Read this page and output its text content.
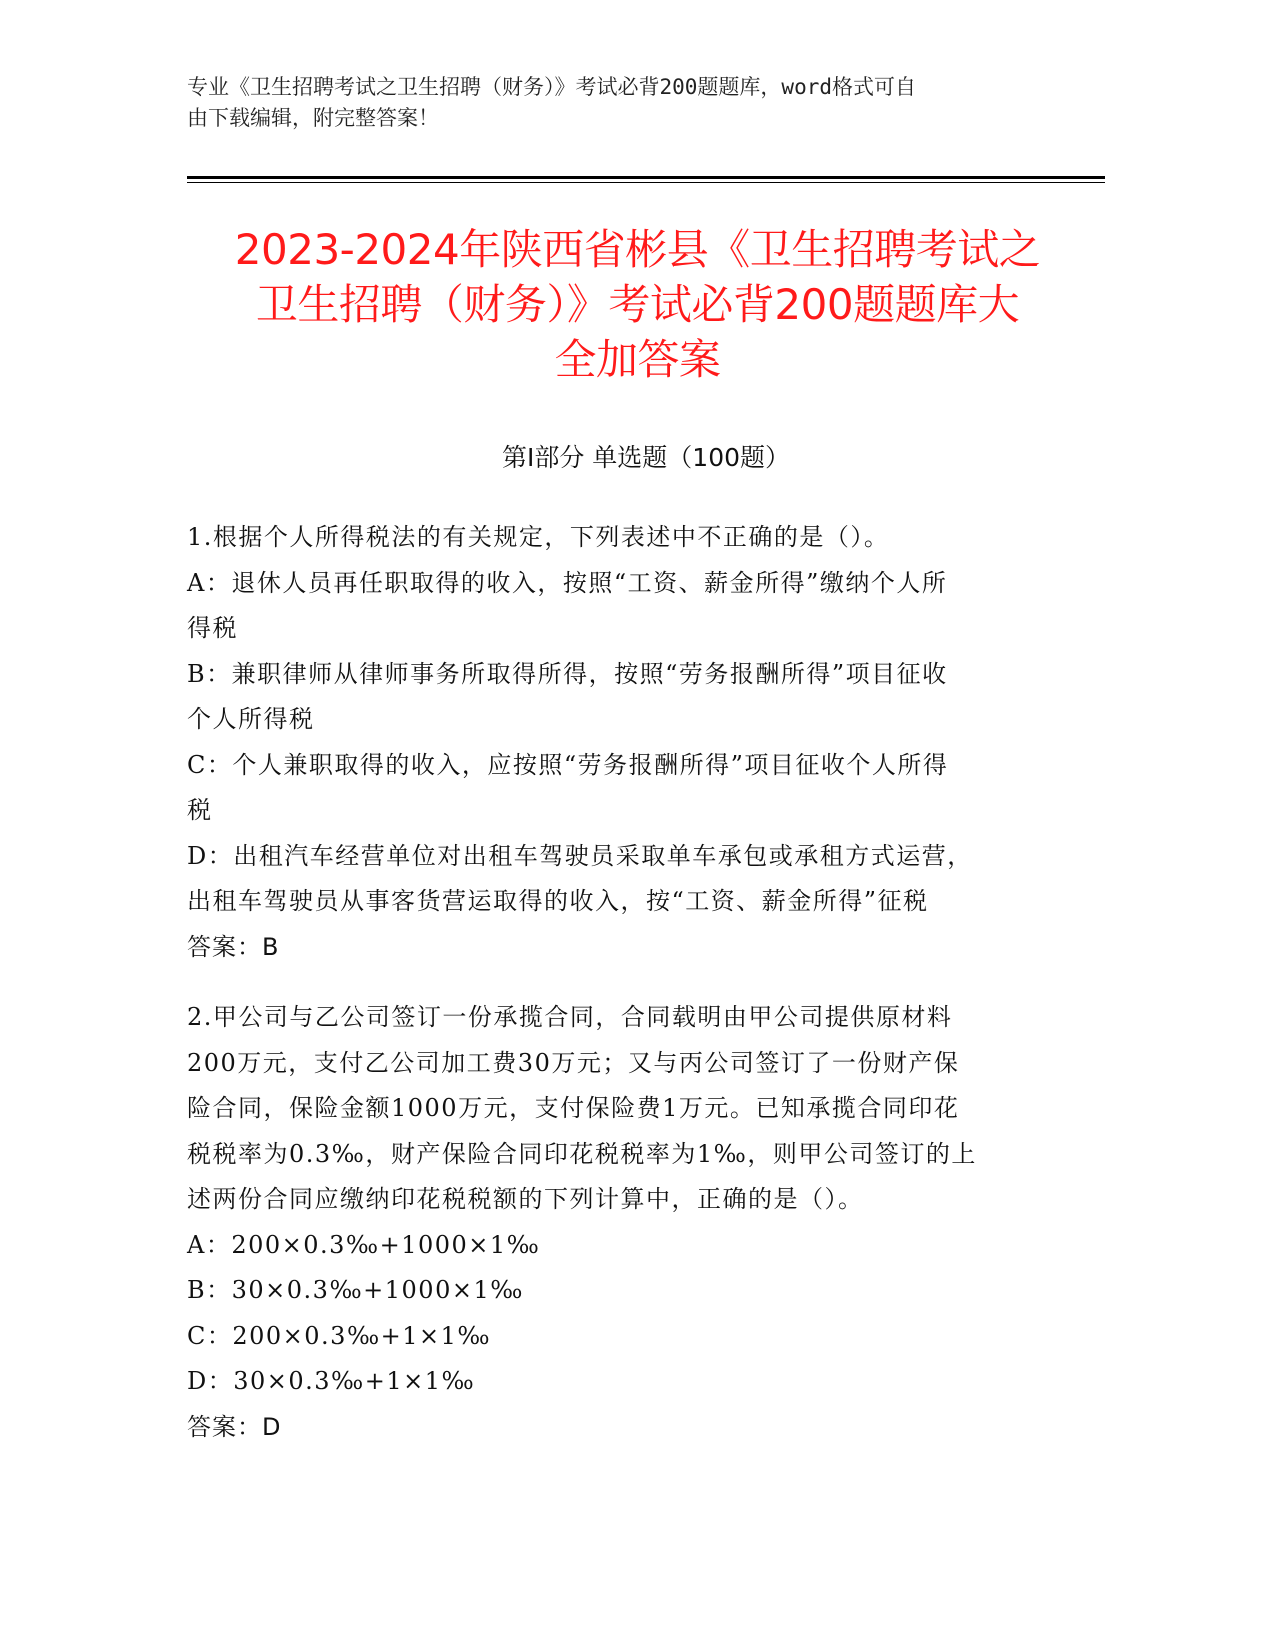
专业《卫生招聘考试之卫生招聘（财务）》考试必背200题题库，word格式可自
由下载编辑，附完整答案！
2023-2024年陕西省彬县《卫生招聘考试之
卫生招聘（财务）》考试必背200题题库大
全加答案
第I部分 单选题（100题）
1.根据个人所得税法的有关规定，下列表述中不正确的是（）。
A：退休人员再任职取得的收入，按照“工资、薪金所得”缴纳个人所
得税
B：兼职律师从律师事务所取得所得，按照“劳务报酬所得”项目征收
个人所得税
C：个人兼职取得的收入，应按照“劳务报酬所得”项目征收个人所得
税
D：出租汽车经营单位对出租车驾驶员采取单车承包或承租方式运营，
出租车驾驶员从事客货营运取得的收入，按“工资、薪金所得”征税
答案：B
2.甲公司与乙公司签订一份承揽合同，合同载明由甲公司提供原材料
200万元，支付乙公司加工费30万元；又与丙公司签订了一份财产保
险合同，保险金额1000万元，支付保险费1万元。已知承揽合同印花
税税率为0.3‰，财产保险合同印花税税率为1‰，则甲公司签订的上
述两份合同应缴纳印花税税额的下列计算中，正确的是（）。
A：200×0.3‰+1000×1‰
B：30×0.3‰+1000×1‰
C：200×0.3‰+1×1‰
D：30×0.3‰+1×1‰
答案：D
